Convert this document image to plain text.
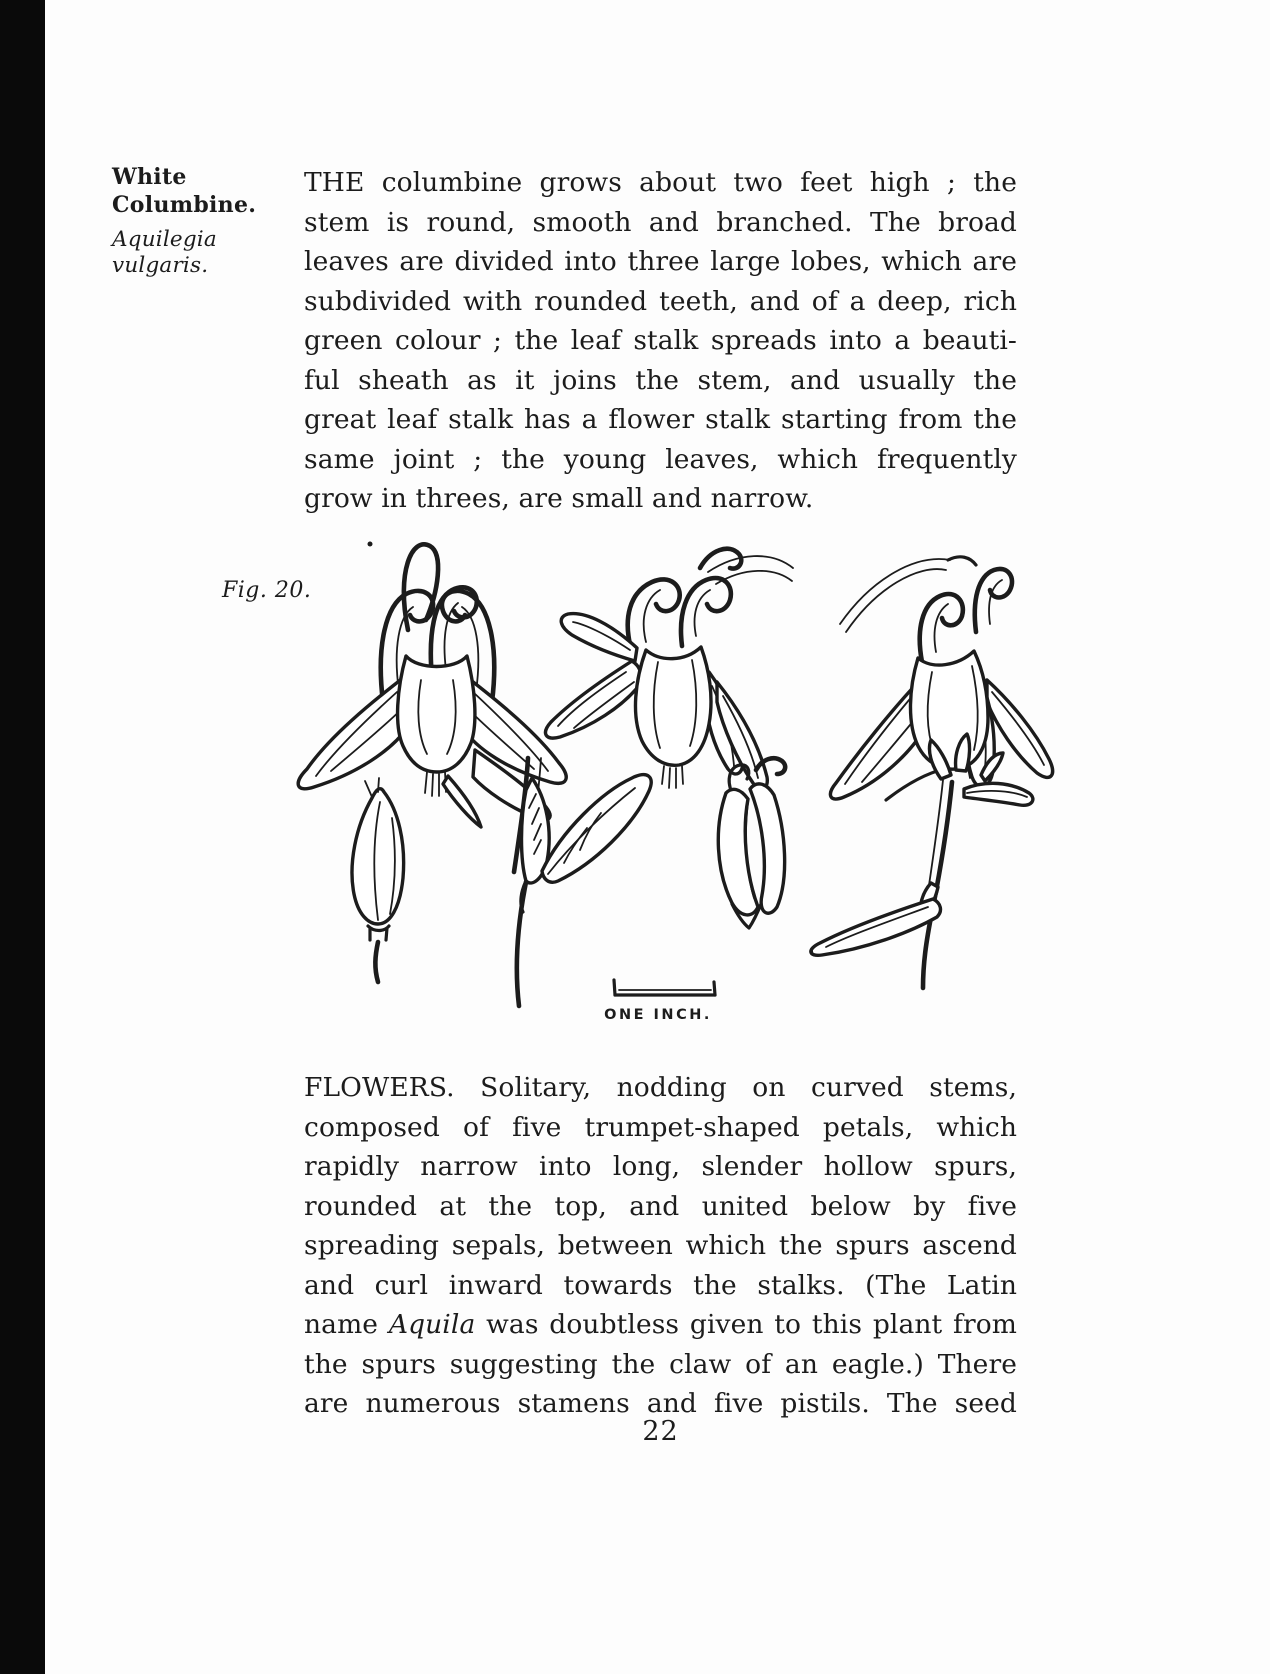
White
Columbine.
Aquilegia vulgaris.
THE columbine grows about two feet high ; the
stem is round, smooth and branched. The broad
leaves are divided into three large lobes, which are
subdivided with rounded teeth, and of a deep, rich
green colour ; the leaf stalk spreads into a beauti-
ful sheath as it joins the stem, and usually the
great leaf stalk has a flower stalk starting from the
same joint ; the young leaves, which frequently
grow in threes, are small and narrow.
Fig. 20.
ONE INCH.
FLOWERS. Solitary, nodding on curved stems,
composed of five trumpet-shaped petals, which
rapidly narrow into long, slender hollow spurs,
rounded at the top, and united below by five
spreading sepals, between which the spurs ascend
and curl inward towards the stalks. (The Latin
name Aquila was doubtless given to this plant from
the spurs suggesting the claw of an eagle.) There
are numerous stamens and five pistils. The seed
22
